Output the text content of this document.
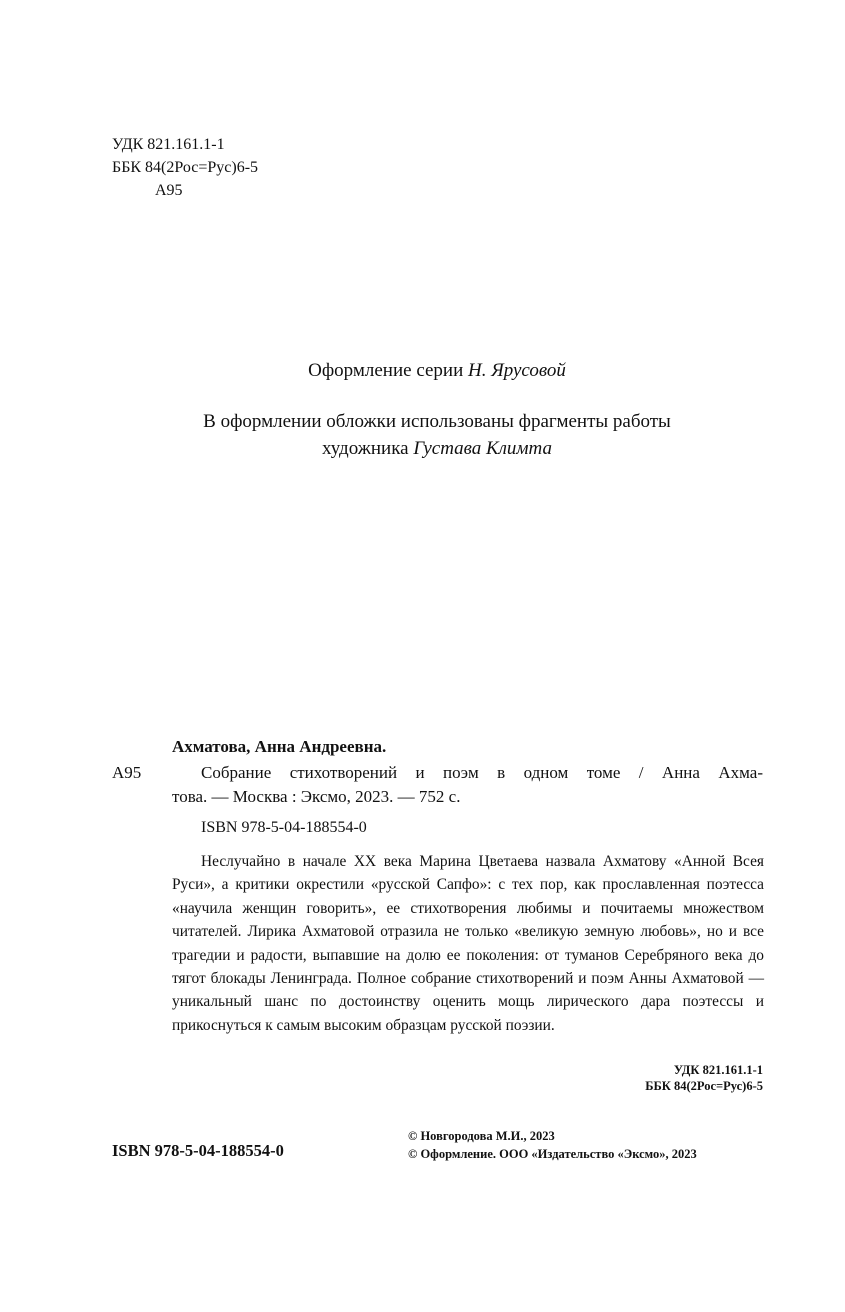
УДК 821.161.1-1
ББК 84(2Рос=Рус)6-5
А95
Оформление серии Н. Ярусовой
В оформлении обложки использованы фрагменты работы
художника Густава Климта
Ахматова, Анна Андреевна.
А95	Собрание стихотворений и поэм в одном томе / Анна Ахма-
това. — Москва : Эксмо, 2023. — 752 с.
ISBN 978-5-04-188554-0
Неслучайно в начале XX века Марина Цветаева назвала Ахматову «Анной Всея Руси», а критики окрестили «русской Сапфо»: с тех пор, как прославленная поэтесса «научила женщин говорить», ее стихотворения любимы и почитаемы множеством читателей. Лирика Ахматовой отразила не только «великую земную любовь», но и все трагедии и радости, выпавшие на долю ее поколения: от туманов Серебряного века до тягот блокады Ленинграда. Полное собрание стихотворений и поэм Анны Ахматовой — уникальный шанс по достоинству оценить мощь лирического дара поэтессы и прикоснуться к самым высоким образцам русской поэзии.
УДК 821.161.1-1
ББК 84(2Рос=Рус)6-5
ISBN 978-5-04-188554-0
© Новгородова М.И., 2023
© Оформление. ООО «Издательство «Эксмо», 2023
